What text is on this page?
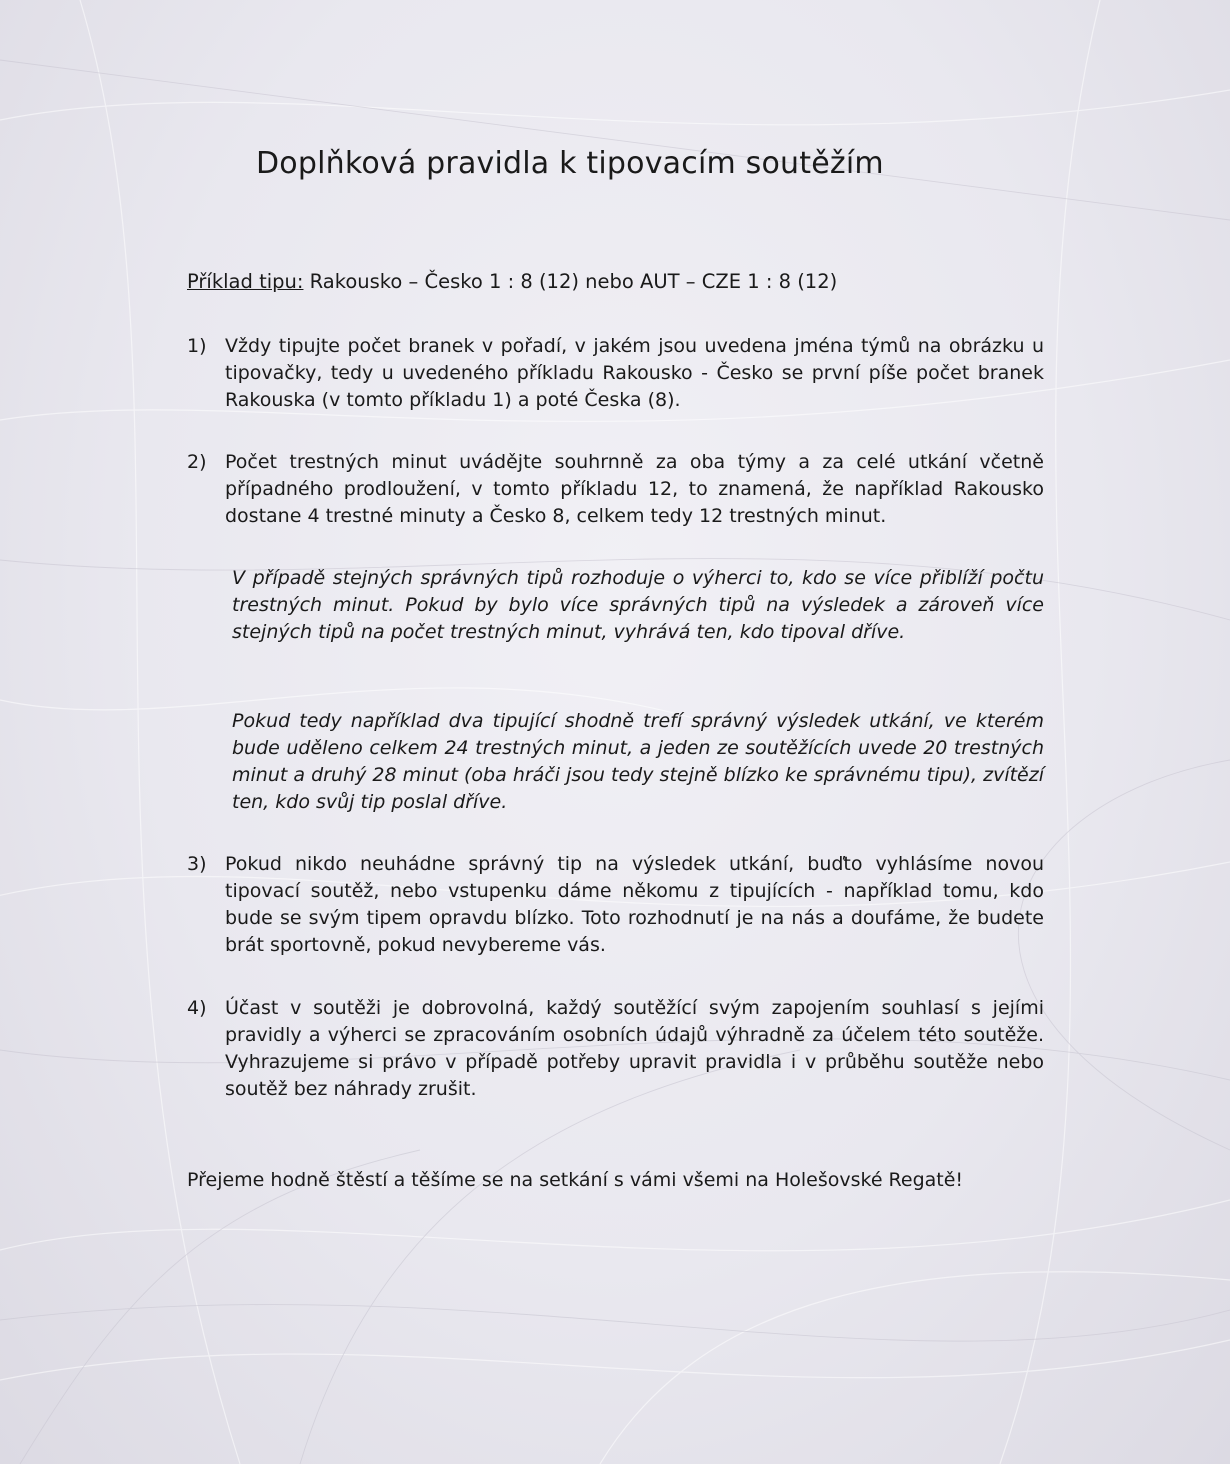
Doplňková pravidla k tipovacím soutěžím
Příklad tipu: Rakousko – Česko 1 : 8 (12) nebo AUT – CZE 1 : 8 (12)
1) Vždy tipujte počet branek v pořadí, v jakém jsou uvedena jména týmů na obrázku u tipovačky, tedy u uvedeného příkladu Rakousko - Česko se první píše počet branek Rakouska (v tomto příkladu 1) a poté Česka (8).
2) Počet trestných minut uvádějte souhrnně za oba týmy a za celé utkání včetně případného prodloužení, v tomto příkladu 12, to znamená, že například Rakousko dostane 4 trestné minuty a Česko 8, celkem tedy 12 trestných minut.
V případě stejných správných tipů rozhoduje o výherci to, kdo se více přiblíží počtu trestných minut. Pokud by bylo více správných tipů na výsledek a zároveň více stejných tipů na počet trestných minut, vyhrává ten, kdo tipoval dříve.
Pokud tedy například dva tipující shodně trefí správný výsledek utkání, ve kterém bude uděleno celkem 24 trestných minut, a jeden ze soutěžících uvede 20 trestných minut a druhý 28 minut (oba hráči jsou tedy stejně blízko ke správnému tipu), zvítězí ten, kdo svůj tip poslal dříve.
3) Pokud nikdo neuhádne správný tip na výsledek utkání, buďto vyhlásíme novou tipovací soutěž, nebo vstupenku dáme někomu z tipujících - například tomu, kdo bude se svým tipem opravdu blízko. Toto rozhodnutí je na nás a doufáme, že budete brát sportovně, pokud nevybereme vás.
4) Účast v soutěži je dobrovolná, každý soutěžící svým zapojením souhlasí s jejími pravidly a výherci se zpracováním osobních údajů výhradně za účelem této soutěže. Vyhrazujeme si právo v případě potřeby upravit pravidla i v průběhu soutěže nebo soutěž bez náhrady zrušit.
Přejeme hodně štěstí a těšíme se na setkání s vámi všemi na Holešovské Regatě!
